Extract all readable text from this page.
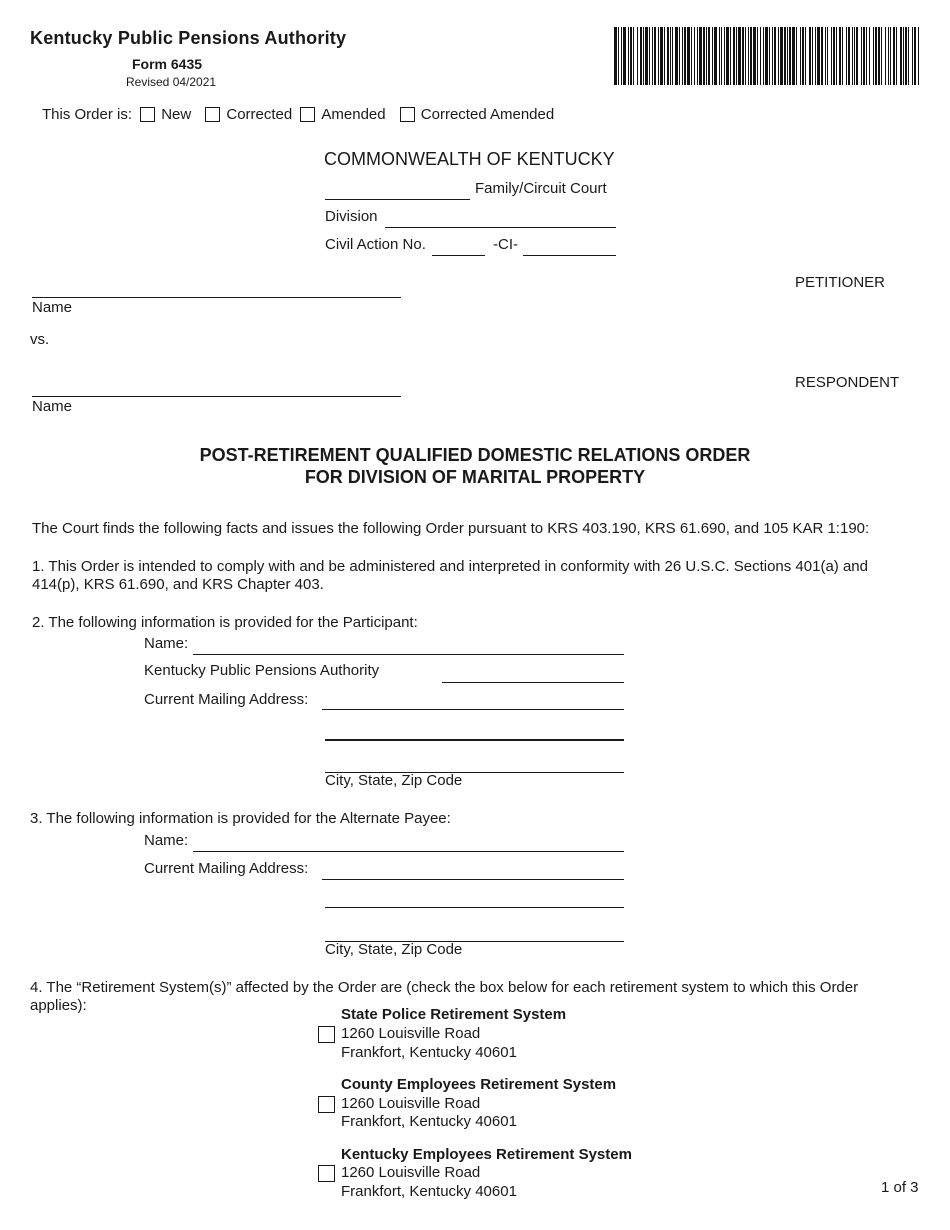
Kentucky Public Pensions Authority
Form 6435
Revised 04/2021
This Order is: New Corrected Amended Corrected Amended
COMMONWEALTH OF KENTUCKY
Family/Circuit Court
Division
Civil Action No.	-CI-
PETITIONER
Name
vs.
RESPONDENT
Name
POST-RETIREMENT QUALIFIED DOMESTIC RELATIONS ORDER
FOR DIVISION OF MARITAL PROPERTY
The Court finds the following facts and issues the following Order pursuant to KRS 403.190, KRS 61.690, and 105 KAR 1:190:
1. This Order is intended to comply with and be administered and interpreted in conformity with 26 U.S.C. Sections 401(a) and 414(p), KRS 61.690, and KRS Chapter 403.
2. The following information is provided for the Participant:
Name:
Kentucky Public Pensions Authority
Current Mailing Address:
City, State, Zip Code
3. The following information is provided for the Alternate Payee:
Name:
Current Mailing Address:
City, State, Zip Code
4. The “Retirement System(s)” affected by the Order are (check the box below for each retirement system to which this Order applies):
State Police Retirement System
1260 Louisville Road
Frankfort, Kentucky 40601
County Employees Retirement System
1260 Louisville Road
Frankfort, Kentucky 40601
Kentucky Employees Retirement System
1260 Louisville Road
Frankfort, Kentucky 40601	1 of 3
